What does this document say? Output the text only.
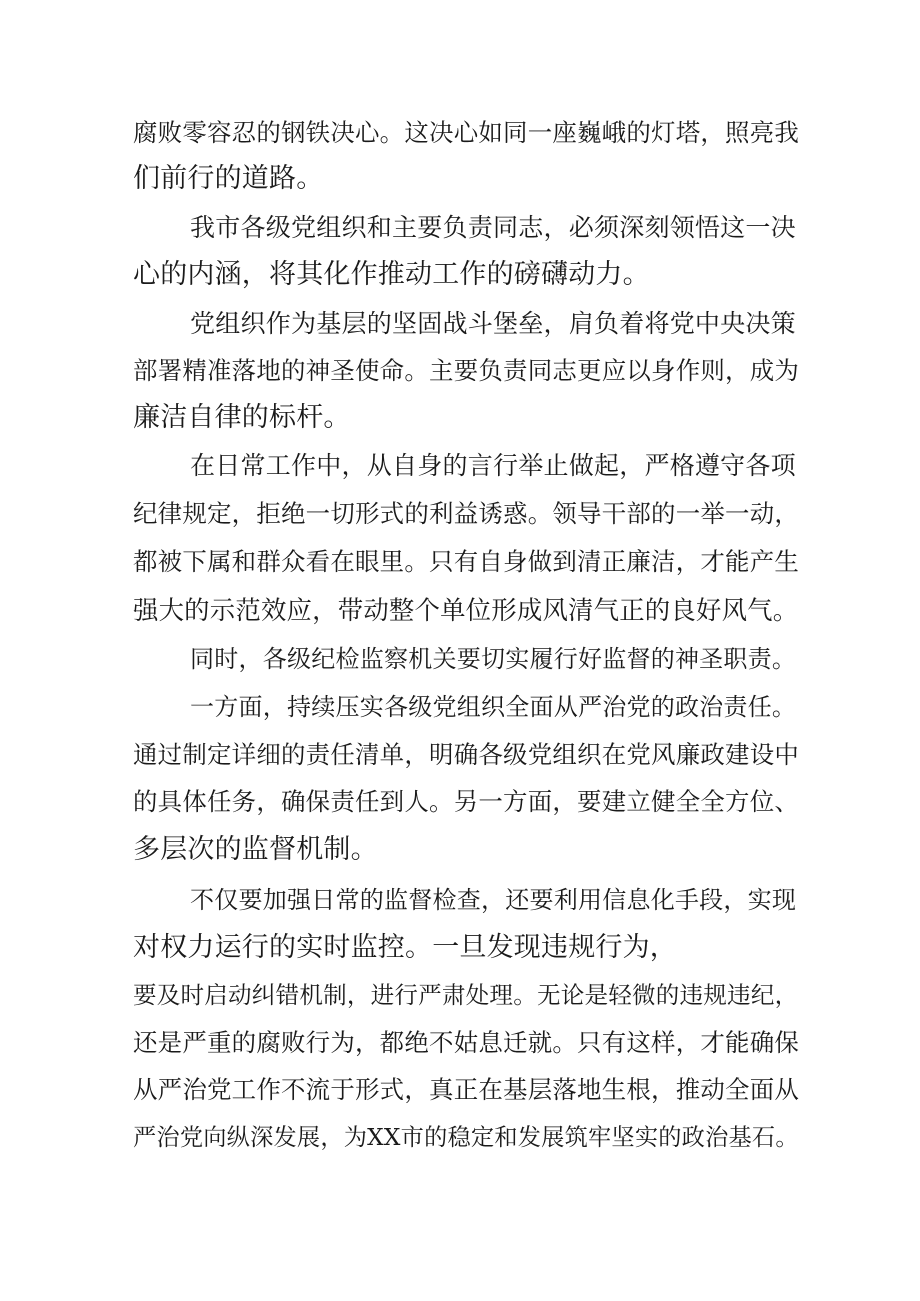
腐败零容忍的钢铁决心。这决心如同一座巍峨的灯塔，照亮我
们前行的道路。
我市各级党组织和主要负责同志，必须深刻领悟这一决
心的内涵，将其化作推动工作的磅礴动力。
党组织作为基层的坚固战斗堡垒，肩负着将党中央决策
部署精准落地的神圣使命。主要负责同志更应以身作则，成为
廉洁自律的标杆。
在日常工作中，从自身的言行举止做起，严格遵守各项
纪律规定，拒绝一切形式的利益诱惑。领导干部的一举一动，
都被下属和群众看在眼里。只有自身做到清正廉洁，才能产生
强大的示范效应，带动整个单位形成风清气正的良好风气。
同时，各级纪检监察机关要切实履行好监督的神圣职责。
一方面，持续压实各级党组织全面从严治党的政治责任。
通过制定详细的责任清单，明确各级党组织在党风廉政建设中
的具体任务，确保责任到人。另一方面，要建立健全全方位、
多层次的监督机制。
不仅要加强日常的监督检查，还要利用信息化手段，实现
对权力运行的实时监控。一旦发现违规行为，
要及时启动纠错机制，进行严肃处理。无论是轻微的违规违纪，
还是严重的腐败行为，都绝不姑息迁就。只有这样，才能确保
从严治党工作不流于形式，真正在基层落地生根，推动全面从
严治党向纵深发展，为XX市的稳定和发展筑牢坚实的政治基石。
